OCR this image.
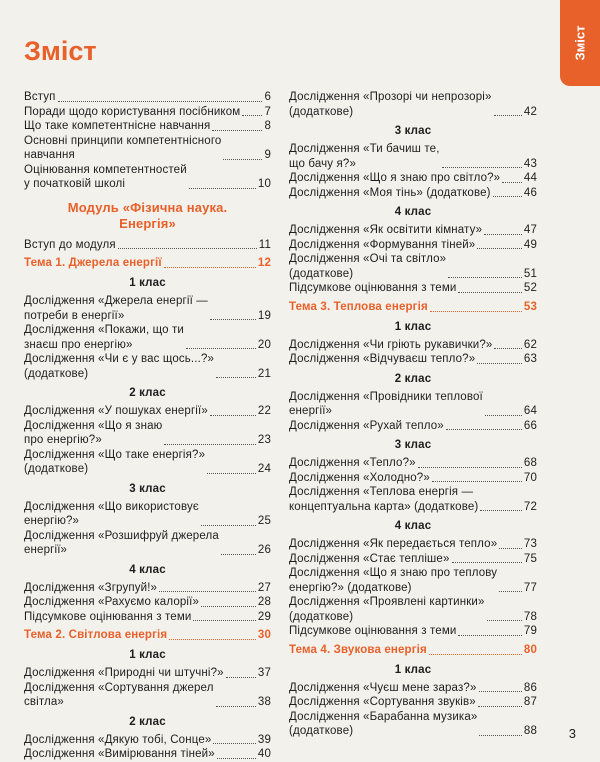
Зміст
Зміст
Вступ	6
Поради щодо користування посібником 7
Що таке компетентнісне навчання	8
Основні принципи компетентнісного
навчання	9
Оцінювання компетентностей
у початковій школі	10
Модуль «Фізична наука.
Енергія»
Вступ до модуля	11
Тема 1. Джерела енергії	12
1 клас
Дослідження «Джерела енергії —
потреби в енергії»	19
Дослідження «Покажи, що ти
знаєш про енергію»	20
Дослідження «Чи є у вас щось...?»
(додаткове)	21
2 клас
Дослідження «У пошуках енергії»	22
Дослідження «Що я знаю
про енергію?»	23
Дослідження «Що таке енергія?»
(додаткове)	24
3 клас
Дослідження «Що використовує
енергію?»	25
Дослідження «Розшифруй джерела
енергії»	26
4 клас
Дослідження «Згрупуй!»	27
Дослідження «Рахуємо калорії»	28
Підсумкове оцінювання з теми	29
Тема 2. Світлова енергія	30
1 клас
Дослідження «Природні чи штучні?»	37
Дослідження «Сортування джерел
світла»	38
2 клас
Дослідження «Дякую тобі, Сонце»	39
Дослідження «Вимірювання тіней»	40
Дослідження «Прозорі чи непрозорі»
(додаткове)	42
3 клас
Дослідження «Ти бачиш те,
що бачу я?»	43
Дослідження «Що я знаю про світло?» 44
Дослідження «Моя тінь» (додаткове)	46
4 клас
Дослідження «Як освітити кімнату»	47
Дослідження «Формування тіней»	49
Дослідження «Очі та світло»
(додаткове)	51
Підсумкове оцінювання з теми	52
Тема 3. Теплова енергія	53
1 клас
Дослідження «Чи гріють рукавички?»	62
Дослідження «Відчуваєш тепло?»	63
2 клас
Дослідження «Провідники теплової
енергії»	64
Дослідження «Рухай тепло»	66
3 клас
Дослідження «Тепло?»	68
Дослідження «Холодно?»	70
Дослідження «Теплова енергія —
концептуальна карта» (додаткове)	72
4 клас
Дослідження «Як передається тепло» 73
Дослідження «Стає тепліше»	75
Дослідження «Що я знаю про теплову
енергію?» (додаткове)	77
Дослідження «Проявлені картинки»
(додаткове)	78
Підсумкове оцінювання з теми	79
Тема 4. Звукова енергія	80
1 клас
Дослідження «Чуєш мене зараз?»	86
Дослідження «Сортування звуків»	87
Дослідження «Барабанна музика»
(додаткове)	88 3
